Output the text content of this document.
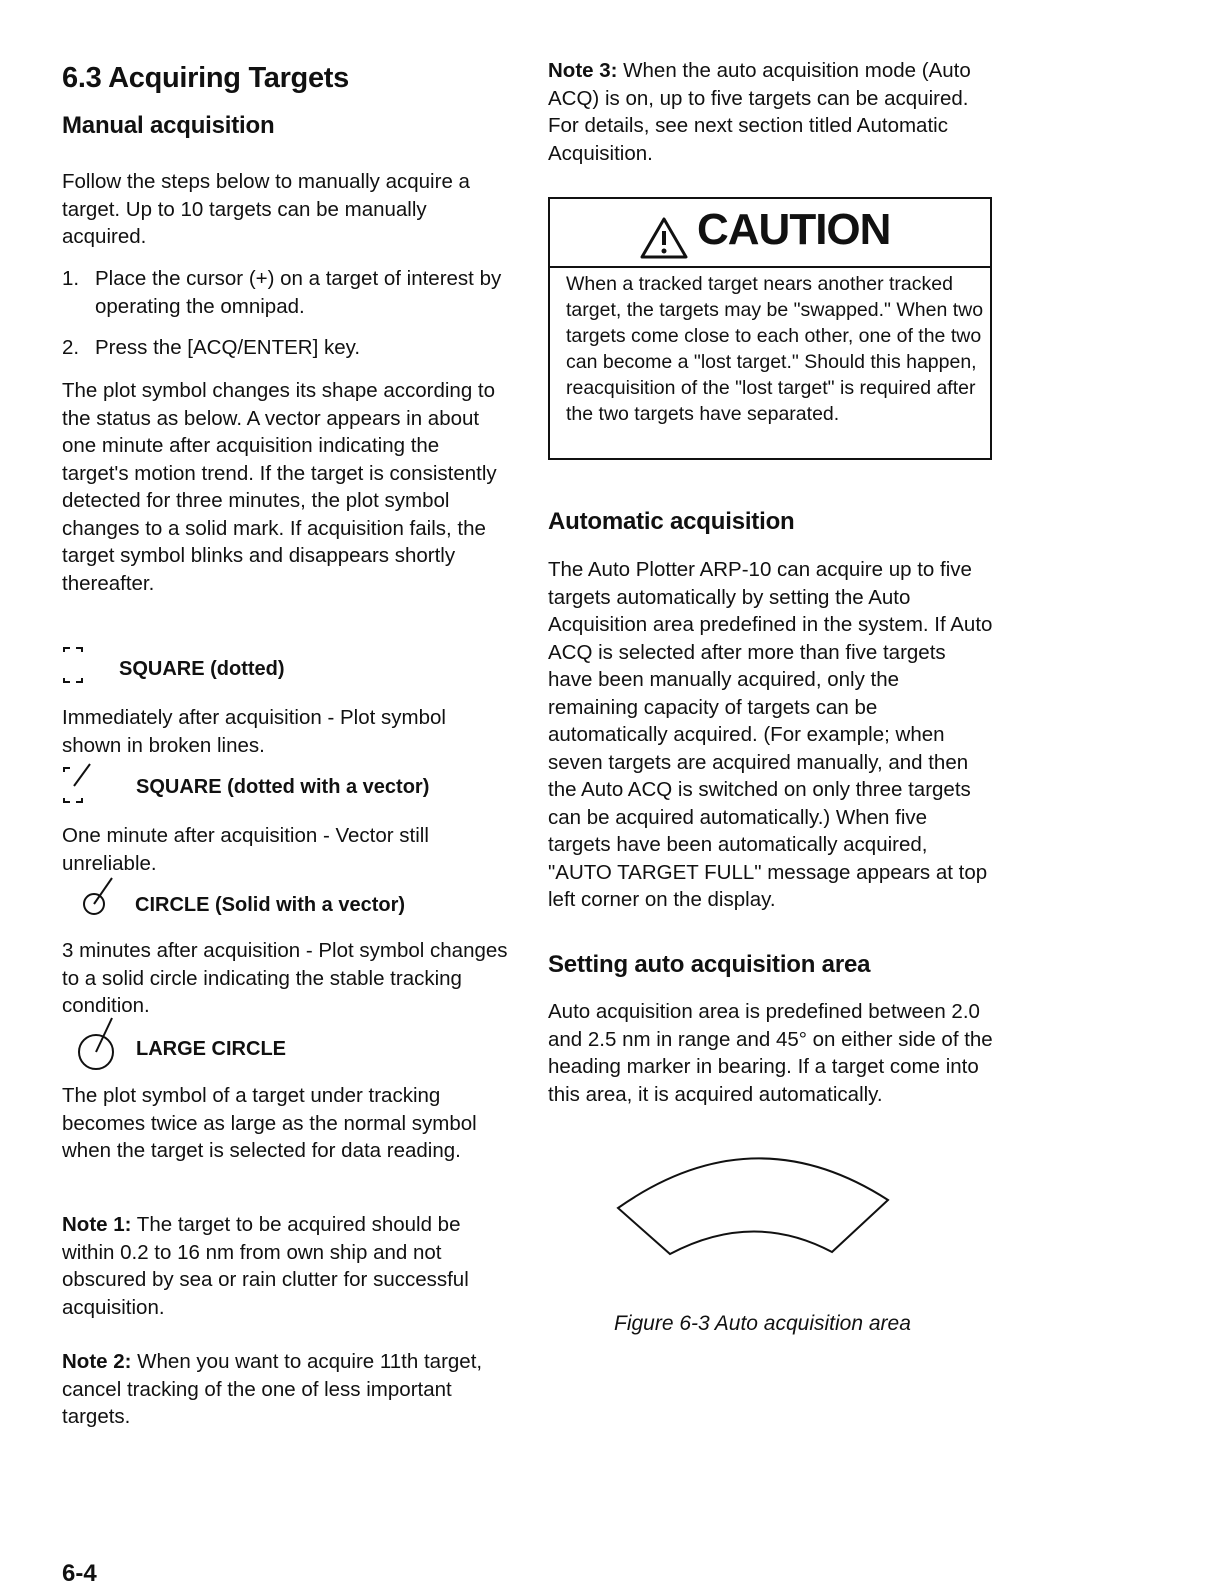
6.3 Acquiring Targets
Manual acquisition

Follow the steps below to manually acquire a target. Up to 10 targets can be manually acquired.

1. Place the cursor (+) on a target of interest by operating the omnipad.
2. Press the [ACQ/ENTER] key.

The plot symbol changes its shape according to the status as below. A vector appears in about one minute after acquisition indicating the target's motion trend. If the target is consistently detected for three minutes, the plot symbol changes to a solid mark. If acquisition fails, the target symbol blinks and disappears shortly thereafter.

SQUARE (dotted)

Immediately after acquisition - Plot symbol shown in broken lines.

SQUARE (dotted with a vector)

One minute after acquisition - Vector still unreliable.

CIRCLE (Solid with a vector)

3 minutes after acquisition - Plot symbol changes to a solid circle indicating the stable tracking condition.

LARGE CIRCLE

The plot symbol of a target under tracking becomes twice as large as the normal symbol when the target is selected for data reading.

Note 1: The target to be acquired should be within 0.2 to 16 nm from own ship and not obscured by sea or rain clutter for successful acquisition.

Note 2: When you want to acquire 11th target, cancel tracking of the one of less important targets.

Note 3: When the auto acquisition mode (Auto ACQ) is on, up to five targets can be acquired. For details, see next section titled Automatic Acquisition.

Automatic acquisition

The Auto Plotter ARP-10 can acquire up to five targets automatically by setting the Auto Acquisition area predefined in the system. If Auto ACQ is selected after more than five targets have been manually acquired, only the remaining capacity of targets can be automatically acquired. (For example; when seven targets are acquired manually, and then the Auto ACQ is switched on only three targets can be acquired automatically.) When five targets have been automatically acquired, "AUTO TARGET FULL" message appears at top left corner on the display.

Setting auto acquisition area

Auto acquisition area is predefined between 2.0 and 2.5 nm in range and 45° on either side of the heading marker in bearing. If a target come into this area, it is acquired automatically.

CAUTION

When a tracked target nears another tracked target, the targets may be "swapped." When two targets come close to each other, one of the two can become a "lost target." Should this happen, reacquisition of the "lost target" is required after the two targets have separated.

Figure 6-3 Auto acquisition area
6-4
